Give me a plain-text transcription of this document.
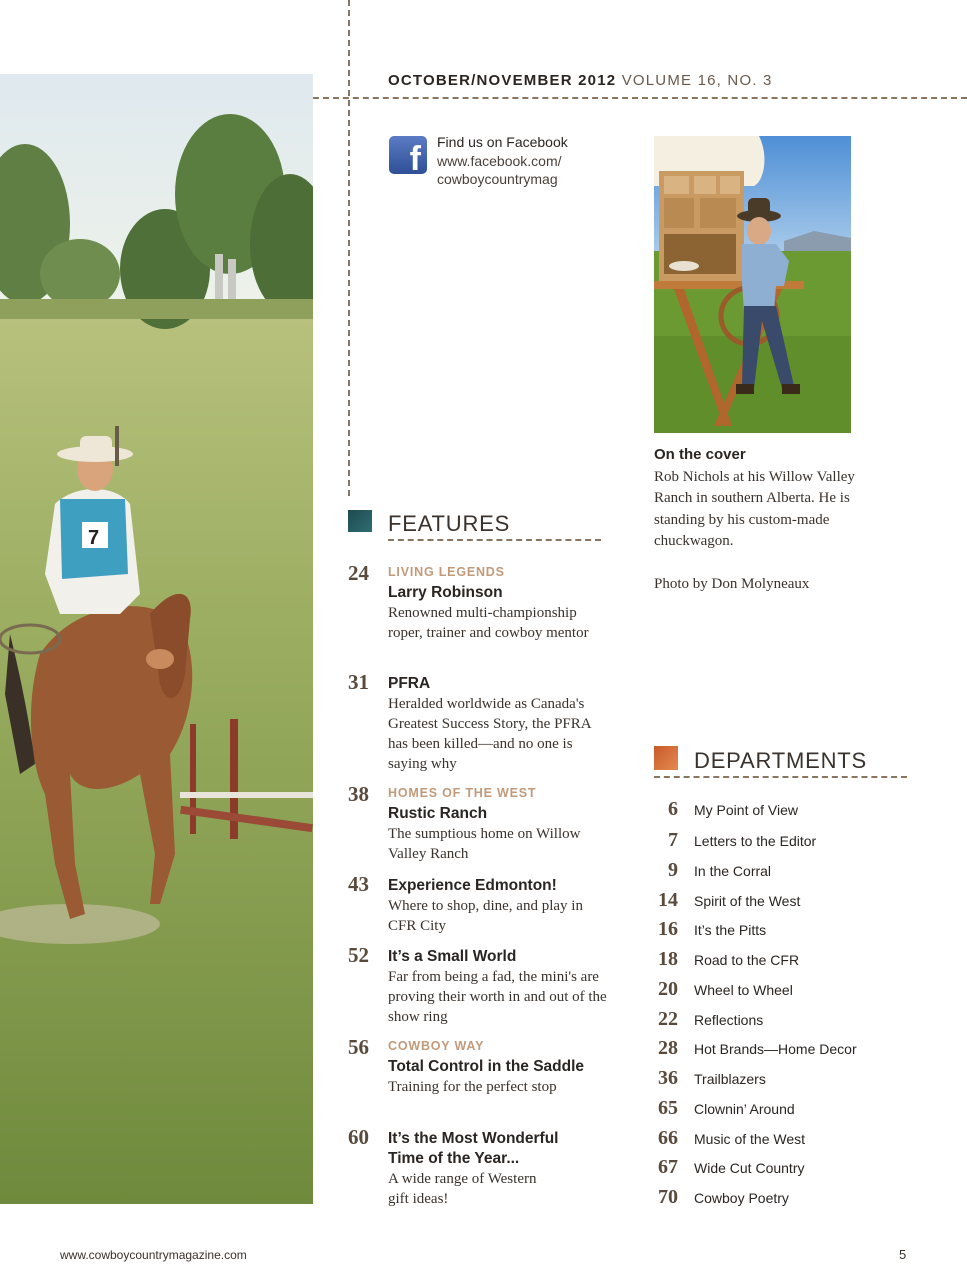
7
OCTOBER/NOVEMBER 2012 VOLUME 16, NO. 3
f	Find us on Facebook
www.facebook.com/
cowboycountrymag
On the cover
Rob Nichols at his Willow Valley Ranch in southern Alberta. He is standing by his custom-made chuckwagon.
Photo by Don Molyneaux
FEATURES
24	LIVING LEGENDS
Larry Robinson
Renowned multi-championship roper, trainer and cowboy mentor
31	PFRA
Heralded worldwide as Canada's Greatest Success Story, the PFRA has been killed—and no one is saying why
38	HOMES OF THE WEST
Rustic Ranch
The sumptious home on Willow Valley Ranch
43	Experience Edmonton!
Where to shop, dine, and play in CFR City
52	It’s a Small World
Far from being a fad, the mini's are proving their worth in and out of the show ring
56	COWBOY WAY
Total Control in the Saddle
Training for the perfect stop
60	It’s the Most Wonderful Time of the Year...
A wide range of Western gift ideas!
DEPARTMENTS
6 My Point of View
7 Letters to the Editor
9 In the Corral
14 Spirit of the West
16 It’s the Pitts
18 Road to the CFR
20 Wheel to Wheel
22 Reflections
28 Hot Brands—Home Decor
36 Trailblazers
65 Clownin’ Around
66 Music of the West
67 Wide Cut Country
70 Cowboy Poetry
www.cowboycountrymagazine.com	5
